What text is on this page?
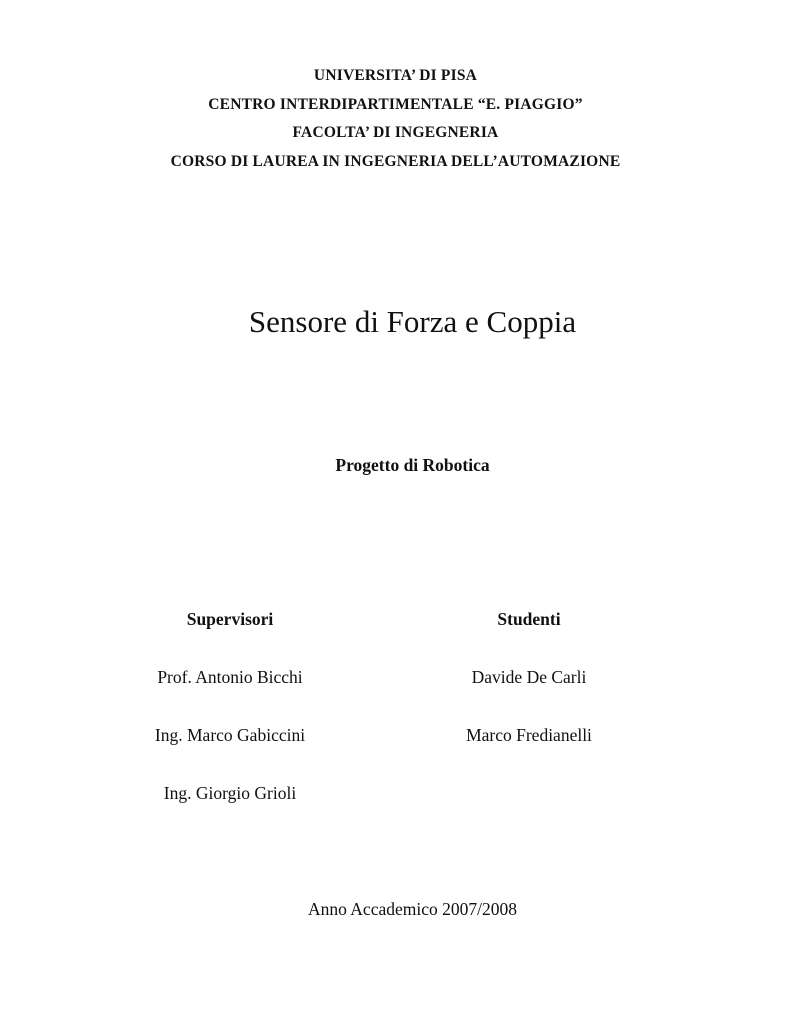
UNIVERSITA’ DI PISA
CENTRO INTERDIPARTIMENTALE “E. PIAGGIO”
FACOLTA’ DI INGEGNERIA
CORSO DI LAUREA IN INGEGNERIA DELL’AUTOMAZIONE
Sensore di Forza e Coppia
Progetto di Robotica
Supervisori
Prof. Antonio Bicchi
Ing. Marco Gabiccini
Ing. Giorgio Grioli
Studenti
Davide De Carli
Marco Fredianelli
Anno Accademico 2007/2008
